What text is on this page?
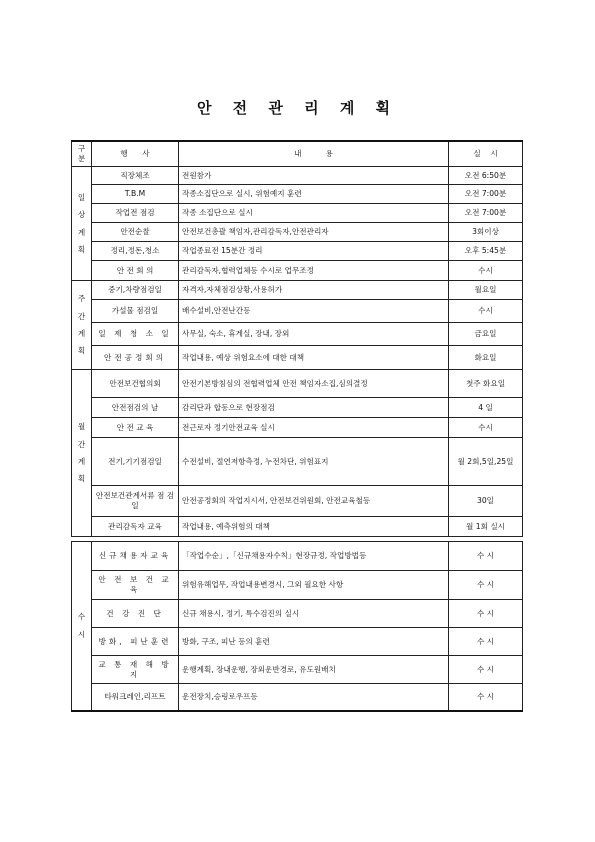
안 전 관 리 계 획
구분	행      사	내          용	실    시

일상계획	직장체조	전원참가	오전 6:50분
	T.B.M	작종소집단으로 실시, 위험예지 훈련	오전 7:00분
	작업전 점검	작종 소집단으로 실시	오전 7:00분
	안전순찰	안전보건총괄 책임자,관리감독자,안전관리자	3회이상
	정리,정돈,청소	작업종료전 15분간 정리	오후 5:45분
	안 전 회 의	관리감독자,협력업체등 수시로 업무조정	수시

주간계획	중기,차량점검일	자격자,자체점검상황,사용허가	월요일
	가설물 점검일	배수설비,안전난간등	수시
	일 제 청 소 일	사무실, 숙소, 휴게실, 장내, 장외	금요일
	안전공정회의	작업내용, 예상 위험요소에 대한 대책	화요일

월간계획	안전보건협의회	안전기본방침심의 전협력업체 안전 책임자소집,심의결정	첫주 화요일
	안전점검의 날	감리단과 합동으로 현장점검	4 일
	안 전 교 육	전근로자 정기안전교육 실시	수시
	전기,기기점검일	수전설비, 절연저항측정, 누전차단, 위험표지	월 2회,5일,25일
	안전보건관계서류 점 검 일	안전공정회의 작업지시서, 안전보건위원회, 안전교육철등	30일
	관리감독자 교육	작업내용, 예측위험의 대책	월 1회 실시

수시	신규채용자교육	「작업수순」,「신규채용자수칙」현장규정, 작업방법등	수 시
	안 전 보 건 교 육	위험유해업무, 작업내용변경시, 그외 필요한 사항	수 시
	건 강 진 단	신규 채용시, 정기, 특수검진의 실시	수 시
	방화, 피난훈련	방화, 구조, 피난 등의 훈련	수 시
	교 통 재 해 방 지	운행계획, 장내운행, 장외운반경로, 유도원배치	수 시
	타워크레인,리프트	운전장치,승링로우프등	수 시
